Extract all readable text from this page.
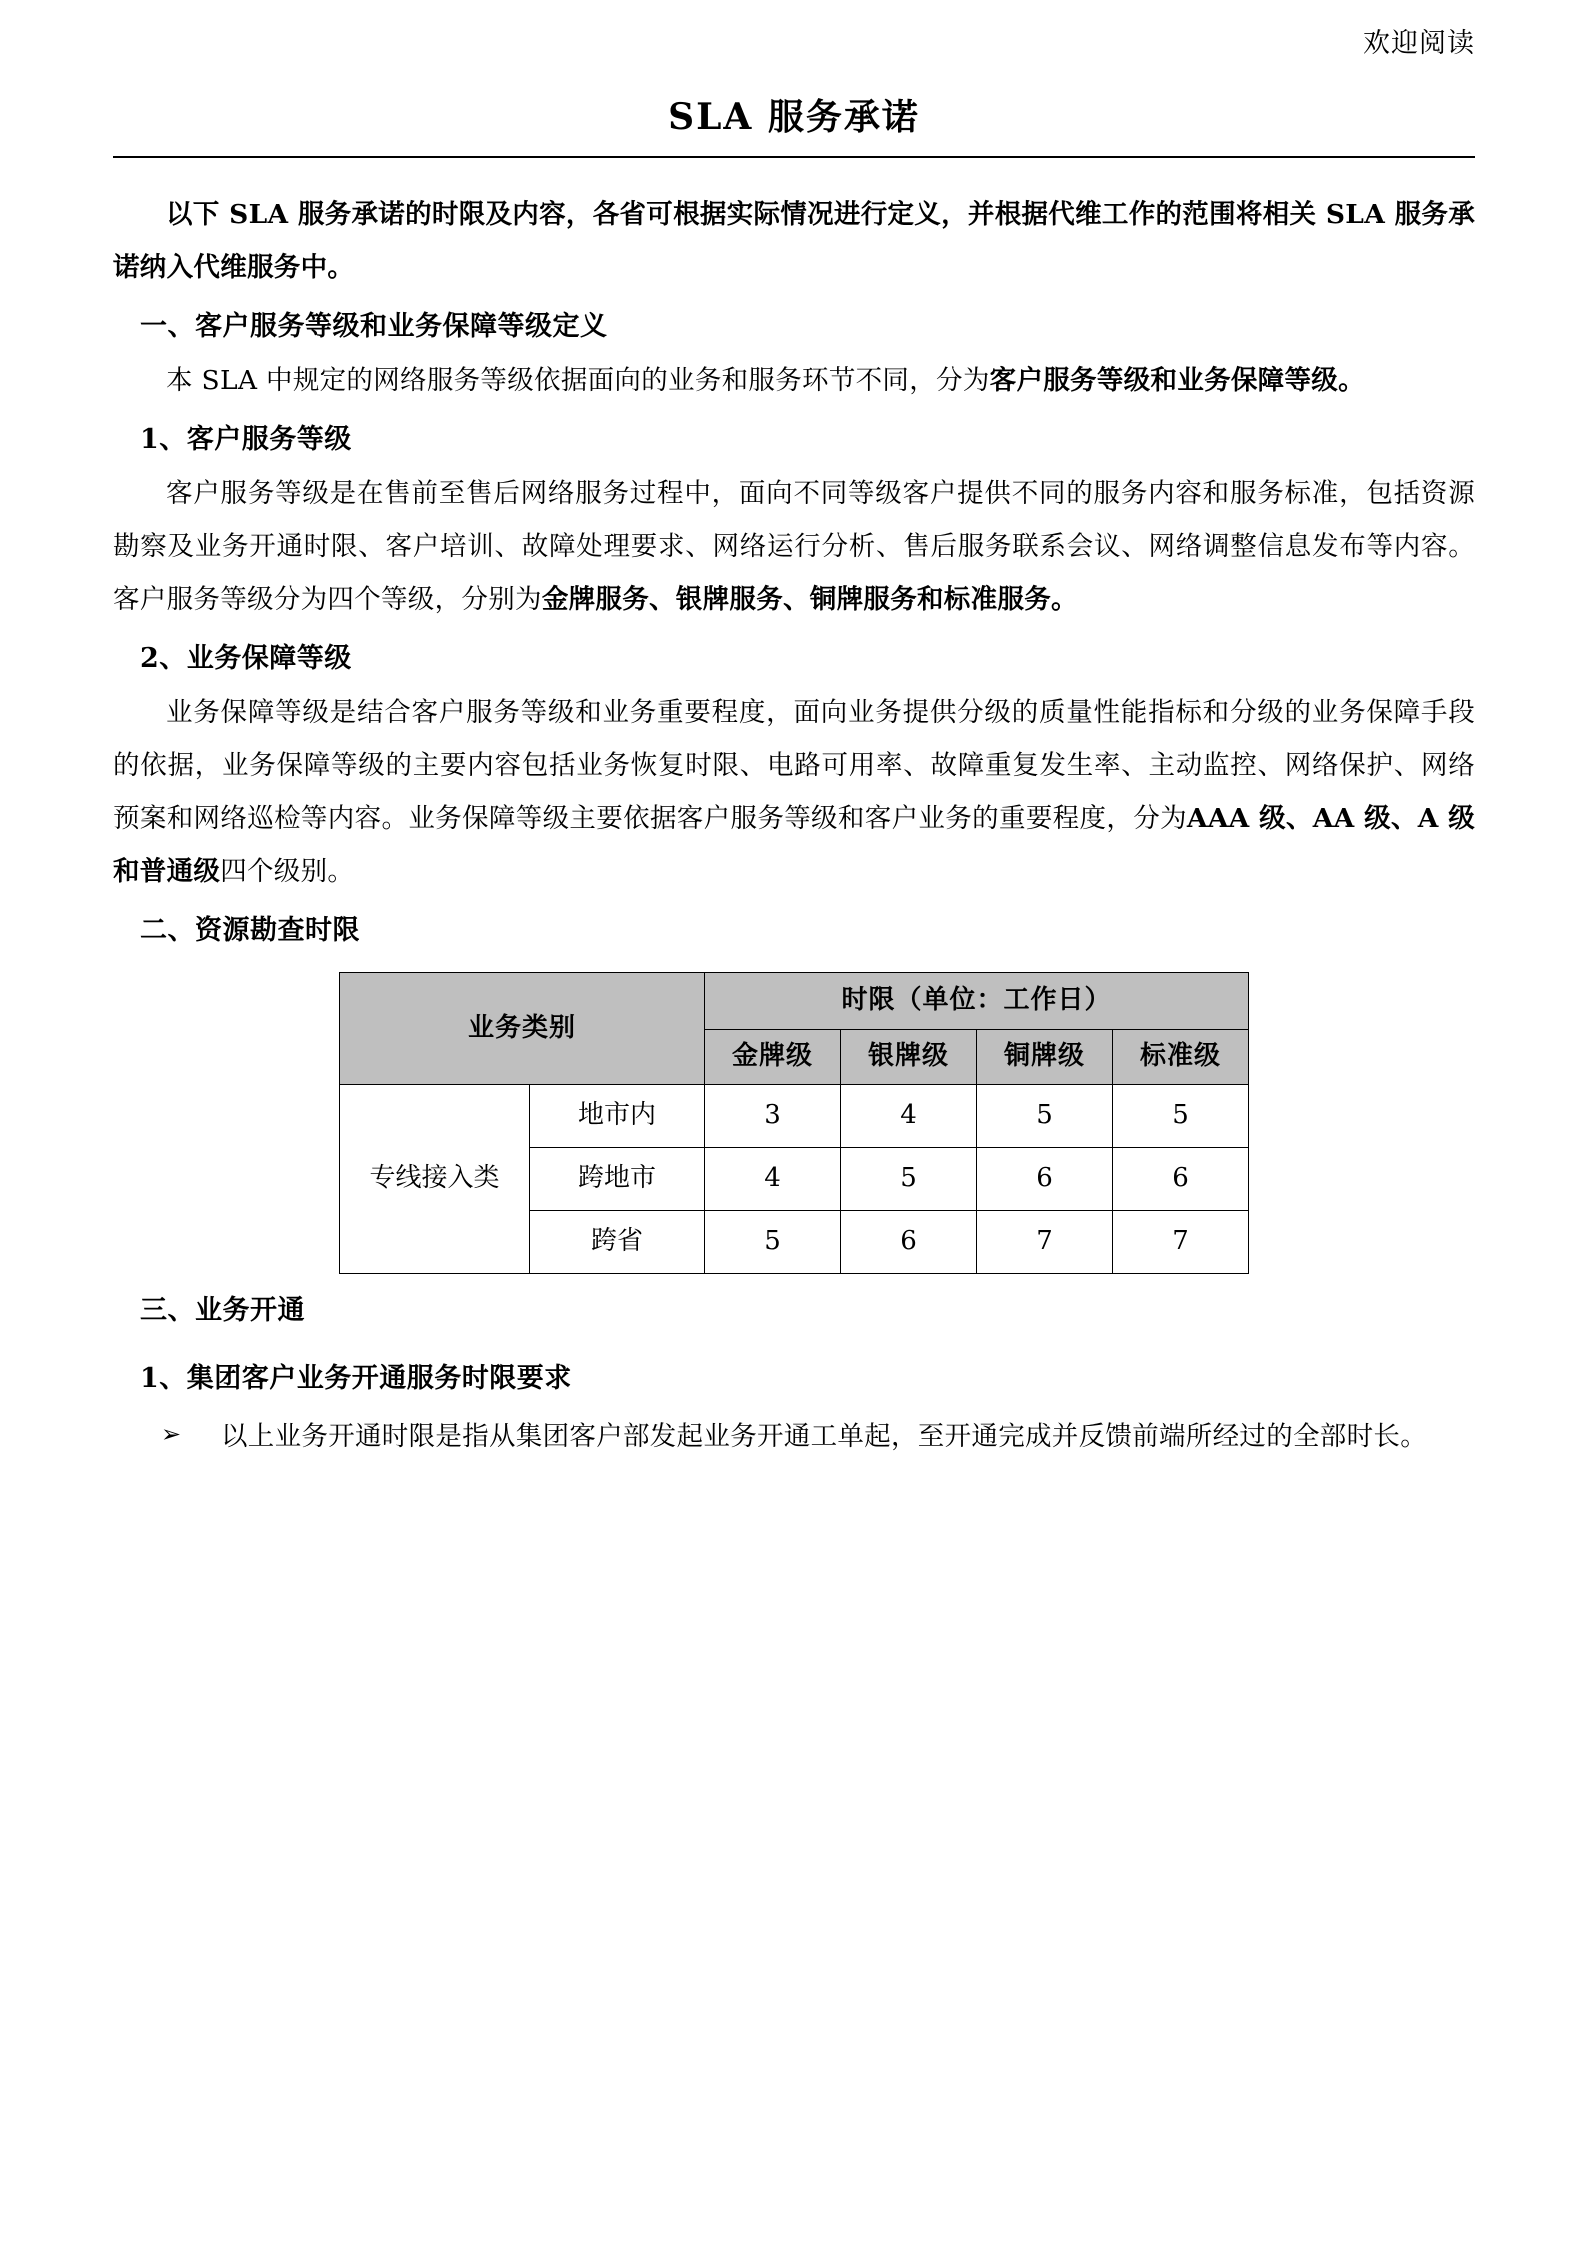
欢迎阅读
SLA 服务承诺

以下 SLA 服务承诺的时限及内容，各省可根据实际情况进行定义，并根据代维工作的范围将相关 SLA 服务承诺纳入代维服务中。

一、客户服务等级和业务保障等级定义

本 SLA 中规定的网络服务等级依据面向的业务和服务环节不同，分为客户服务等级和业务保障等级。

1、客户服务等级

客户服务等级是在售前至售后网络服务过程中，面向不同等级客户提供不同的服务内容和服务标准，包括资源勘察及业务开通时限、客户培训、故障处理要求、网络运行分析、售后服务联系会议、网络调整信息发布等内容。客户服务等级分为四个等级，分别为金牌服务、银牌服务、铜牌服务和标准服务。

2、业务保障等级

业务保障等级是结合客户服务等级和业务重要程度，面向业务提供分级的质量性能指标和分级的业务保障手段的依据，业务保障等级的主要内容包括业务恢复时限、电路可用率、故障重复发生率、主动监控、网络保护、网络预案和网络巡检等内容。业务保障等级主要依据客户服务等级和客户业务的重要程度，分为AAA 级、AA 级、A 级和普通级四个级别。

二、资源勘查时限
业务类别		时限（单位：工作日）			
		金牌级	银牌级	铜牌级	标准级
专线接入类	地市内	3	4	5	5
	跨地市	4	5	6	6
	跨省	5	6	7	7
三、业务开通
1、集团客户业务开通服务时限要求
➢ 以上业务开通时限是指从集团客户部发起业务开通工单起，至开通完成并反馈前端所经过的全部时长。
